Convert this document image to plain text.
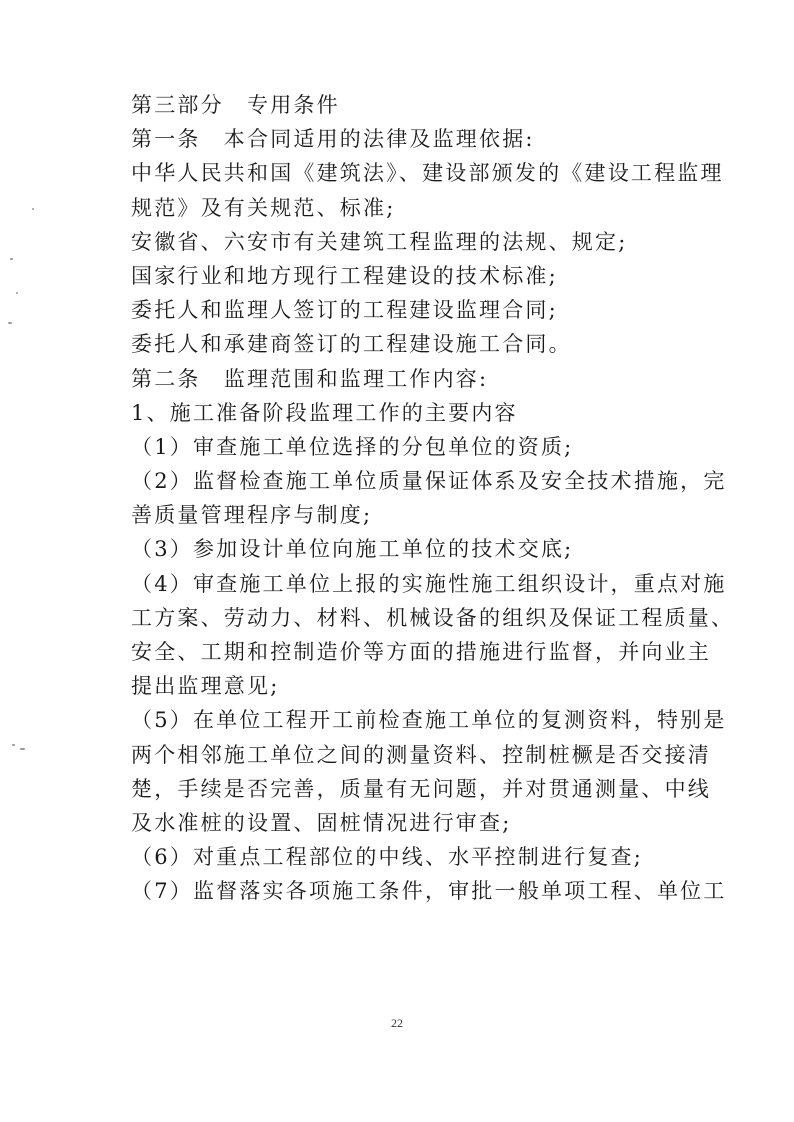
第三部分　专用条件
第一条　本合同适用的法律及监理依据:
中华人民共和国《建筑法》、建设部颁发的《建设工程监理
规范》及有关规范、标准;
安徽省、六安市有关建筑工程监理的法规、规定;
国家行业和地方现行工程建设的技术标准;
委托人和监理人签订的工程建设监理合同;
委托人和承建商签订的工程建设施工合同。
第二条　监理范围和监理工作内容:
1、施工准备阶段监理工作的主要内容
（1）审查施工单位选择的分包单位的资质;
（2）监督检查施工单位质量保证体系及安全技术措施，完
善质量管理程序与制度;
（3）参加设计单位向施工单位的技术交底;
（4）审查施工单位上报的实施性施工组织设计，重点对施
工方案、劳动力、材料、机械设备的组织及保证工程质量、
安全、工期和控制造价等方面的措施进行监督，并向业主
提出监理意见;
（5）在单位工程开工前检查施工单位的复测资料，特别是
两个相邻施工单位之间的测量资料、控制桩橛是否交接清
楚，手续是否完善，质量有无问题，并对贯通测量、中线
及水准桩的设置、固桩情况进行审查;
（6）对重点工程部位的中线、水平控制进行复查;
（7）监督落实各项施工条件，审批一般单项工程、单位工
22
